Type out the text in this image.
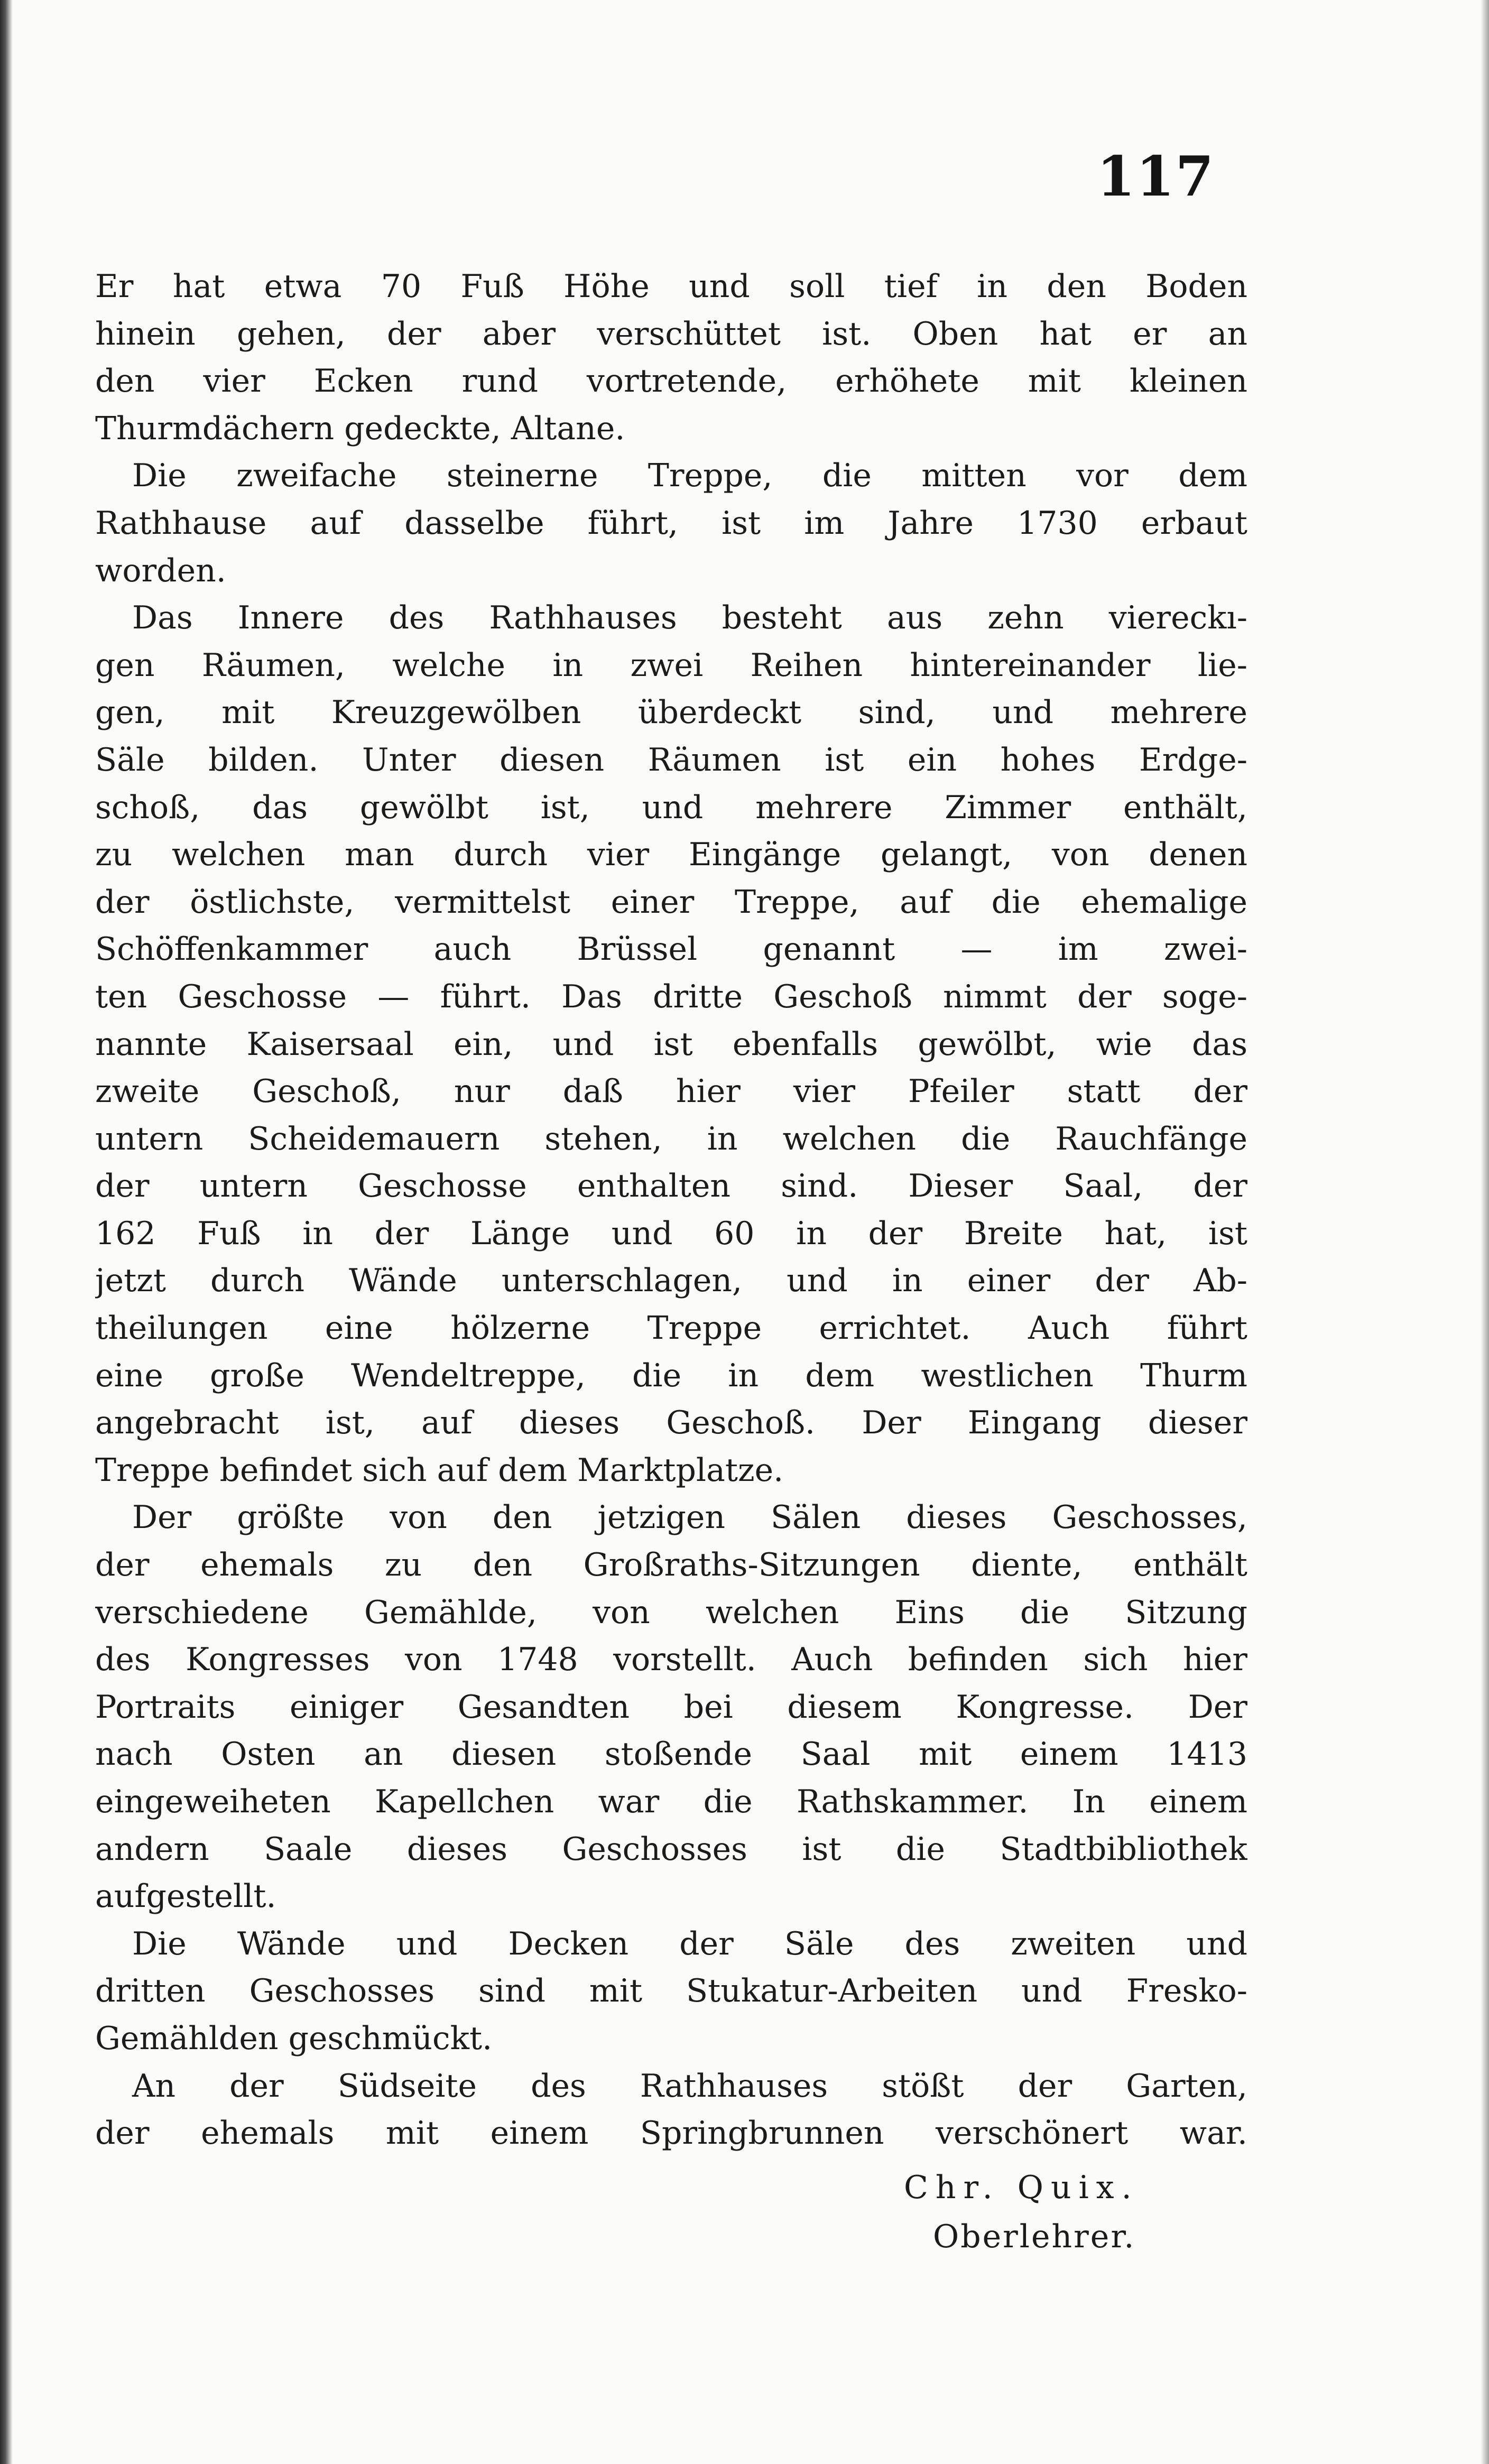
117
Er hat etwa 70 Fuß Höhe und soll tief in den Boden
hinein gehen, der aber verschüttet ist. Oben hat er an
den vier Ecken rund vortretende, erhöhete mit kleinen
Thurmdächern gedeckte, Altane.
Die zweifache steinerne Treppe, die mitten vor dem
Rathhause auf dasselbe führt, ist im Jahre 1730 erbaut
worden.
Das Innere des Rathhauses besteht aus zehn viereckı-
gen Räumen, welche in zwei Reihen hintereinander lie-
gen, mit Kreuzgewölben überdeckt sind, und mehrere
Säle bilden. Unter diesen Räumen ist ein hohes Erdge-
schoß, das gewölbt ist, und mehrere Zimmer enthält,
zu welchen man durch vier Eingänge gelangt, von denen
der östlichste, vermittelst einer Treppe, auf die ehemalige
Schöffenkammer auch Brüssel genannt — im zwei-
ten Geschosse — führt. Das dritte Geschoß nimmt der soge-
nannte Kaisersaal ein, und ist ebenfalls gewölbt, wie das
zweite Geschoß, nur daß hier vier Pfeiler statt der
untern Scheidemauern stehen, in welchen die Rauchfänge
der untern Geschosse enthalten sind. Dieser Saal, der
162 Fuß in der Länge und 60 in der Breite hat, ist
jetzt durch Wände unterschlagen, und in einer der Ab-
theilungen eine hölzerne Treppe errichtet. Auch führt
eine große Wendeltreppe, die in dem westlichen Thurm
angebracht ist, auf dieses Geschoß. Der Eingang dieser
Treppe befindet sich auf dem Marktplatze.
Der größte von den jetzigen Sälen dieses Geschosses,
der ehemals zu den Großraths-Sitzungen diente, enthält
verschiedene Gemählde, von welchen Eins die Sitzung
des Kongresses von 1748 vorstellt. Auch befinden sich hier
Portraits einiger Gesandten bei diesem Kongresse. Der
nach Osten an diesen stoßende Saal mit einem 1413
eingeweiheten Kapellchen war die Rathskammer. In einem
andern Saale dieses Geschosses ist die Stadtbibliothek
aufgestellt.
Die Wände und Decken der Säle des zweiten und
dritten Geschosses sind mit Stukatur-Arbeiten und Fresko-
Gemählden geschmückt.
An der Südseite des Rathhauses stößt der Garten,
der ehemals mit einem Springbrunnen verschönert war.
Chr. Quix.
Oberlehrer.
